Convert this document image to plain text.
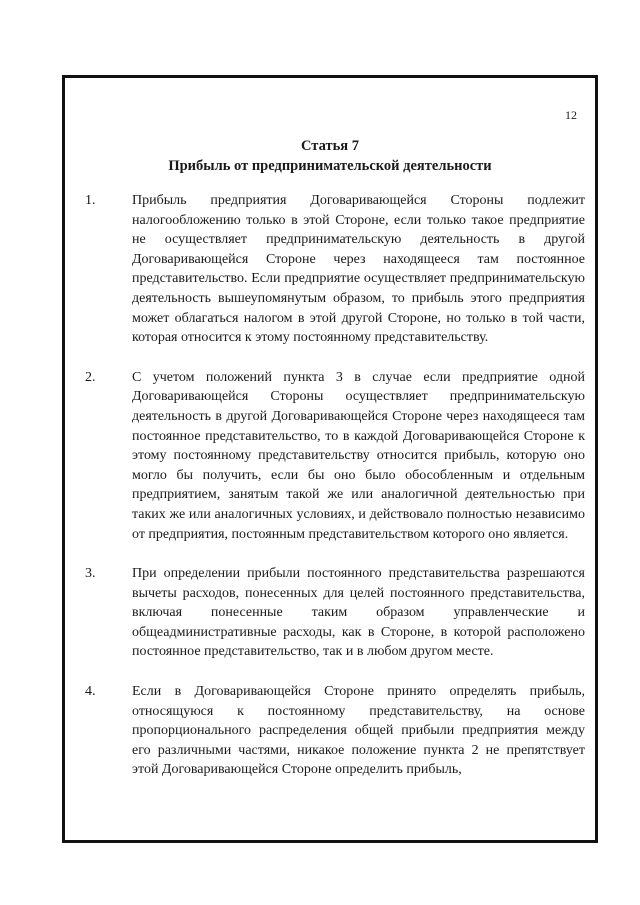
12
Статья 7
Прибыль от предпринимательской деятельности
1.	Прибыль предприятия Договаривающейся Стороны подлежит налогообложению только в этой Стороне, если только такое предприятие не осуществляет предпринимательскую деятельность в другой Договаривающейся Стороне через находящееся там постоянное представительство. Если предприятие осуществляет предпринимательскую деятельность вышеупомянутым образом, то прибыль этого предприятия может облагаться налогом в этой другой Стороне, но только в той части, которая относится к этому постоянному представительству.
2.	С учетом положений пункта 3 в случае если предприятие одной Договаривающейся Стороны осуществляет предпринимательскую деятельность в другой Договаривающейся Стороне через находящееся там постоянное представительство, то в каждой Договаривающейся Стороне к этому постоянному представительству относится прибыль, которую оно могло бы получить, если бы оно было обособленным и отдельным предприятием, занятым такой же или аналогичной деятельностью при таких же или аналогичных условиях, и действовало полностью независимо от предприятия, постоянным представительством которого оно является.
3.	При определении прибыли постоянного представительства разрешаются вычеты расходов, понесенных для целей постоянного представительства, включая понесенные таким образом управленческие и общеадминистративные расходы, как в Стороне, в которой расположено постоянное представительство, так и в любом другом месте.
4.	Если в Договаривающейся Стороне принято определять прибыль, относящуюся к постоянному представительству, на основе пропорционального распределения общей прибыли предприятия между его различными частями, никакое положение пункта 2 не препятствует этой Договаривающейся Стороне определить прибыль,
